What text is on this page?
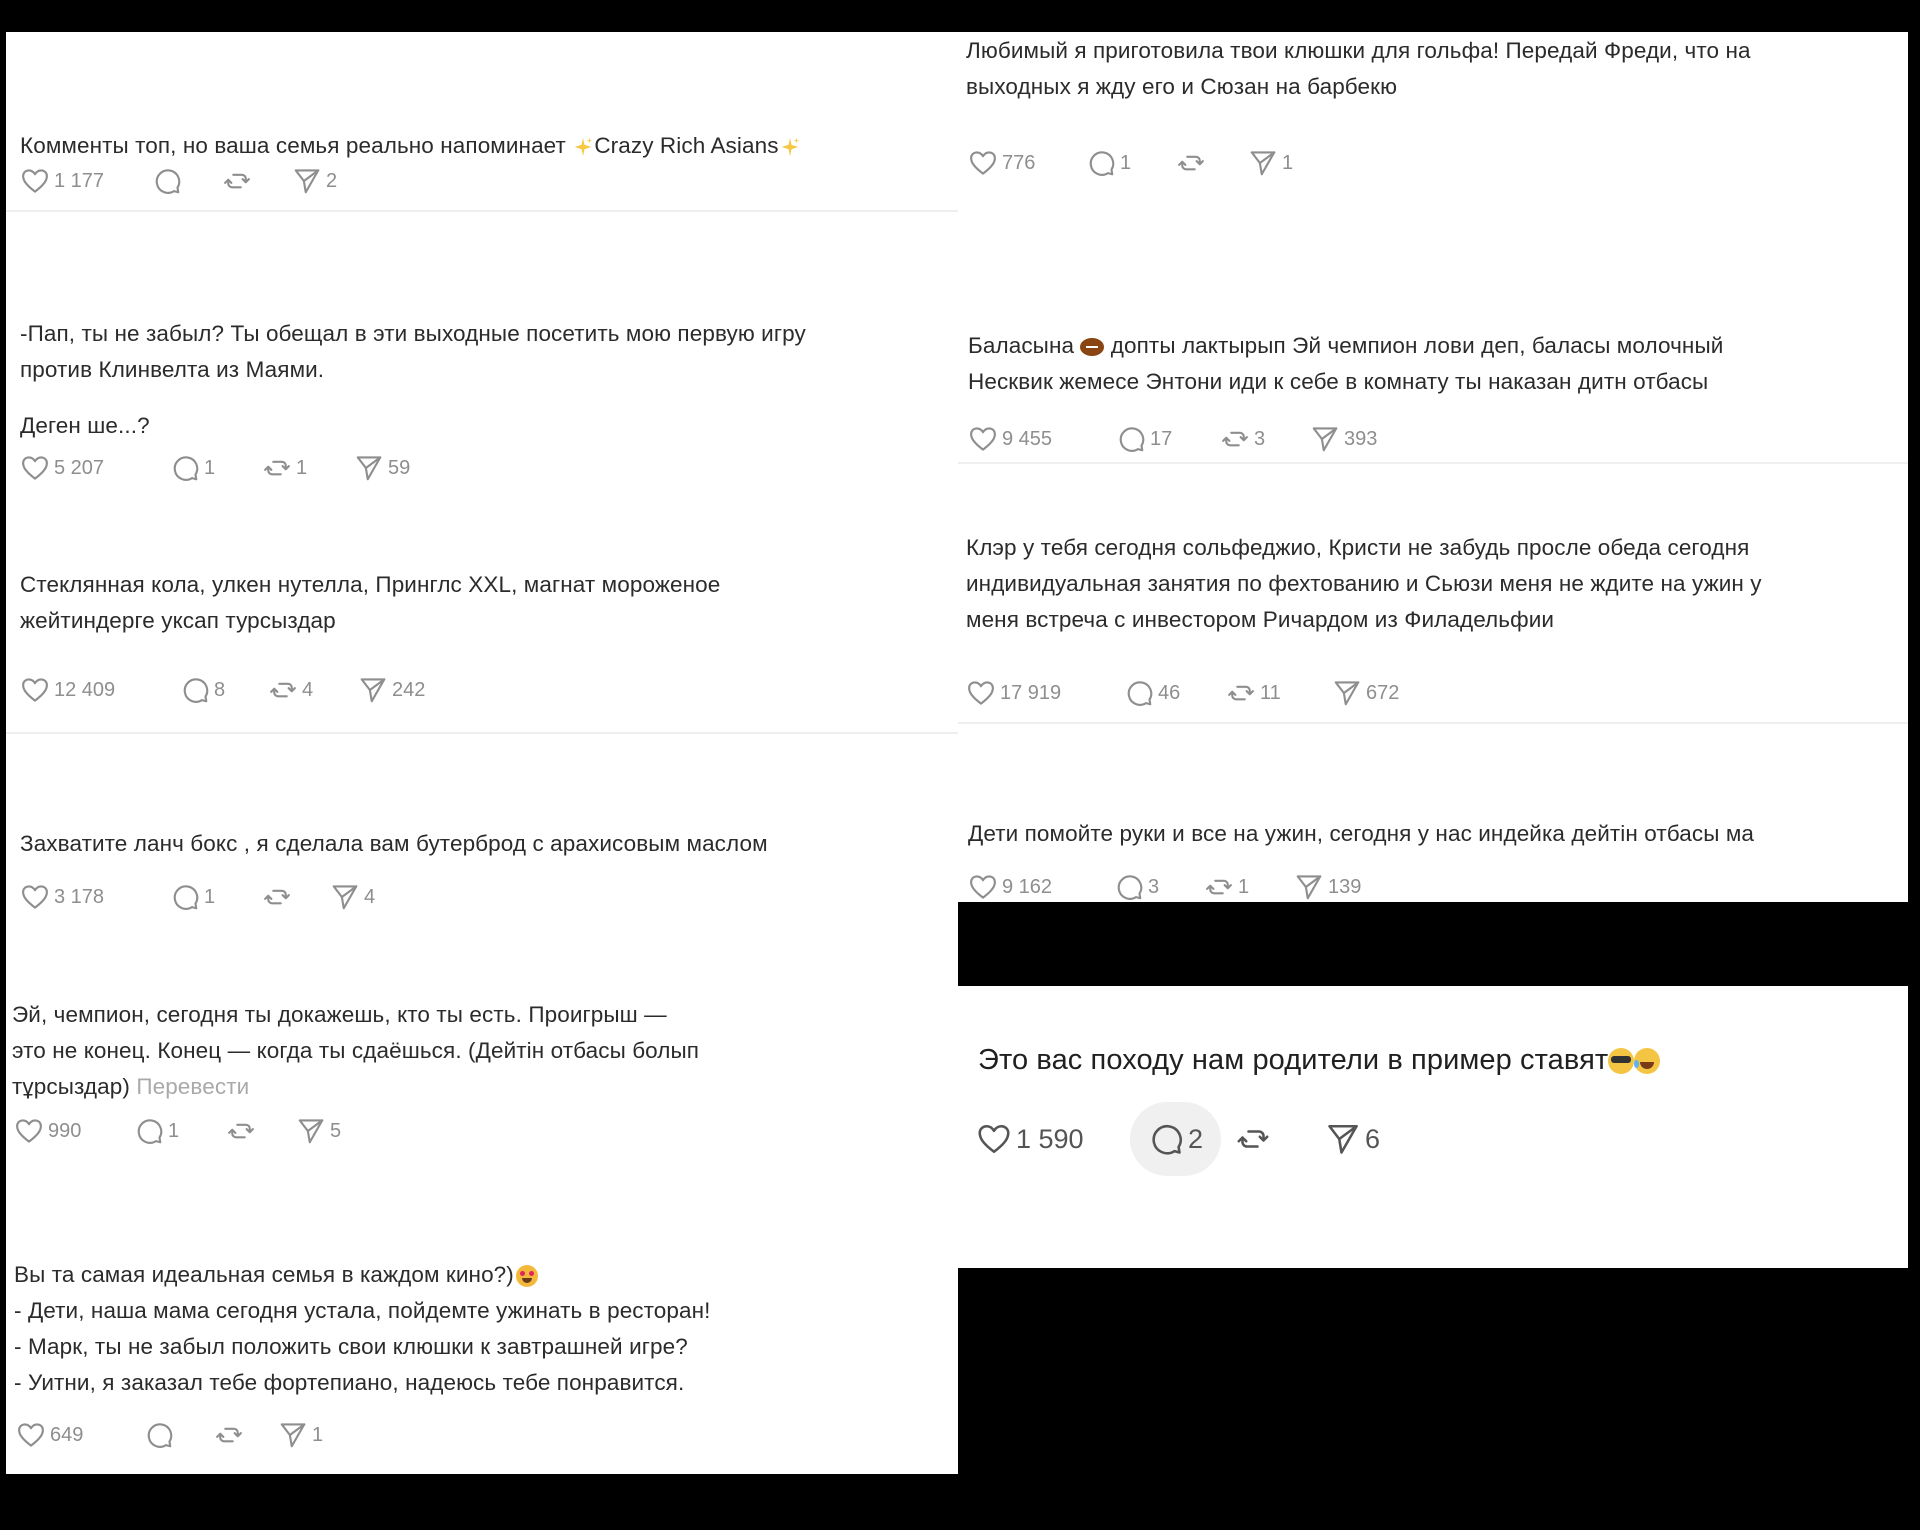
Комменты топ, но ваша семья реально напоминает Crazy Rich Asians

1 177	2
-Пап, ты не забыл? Ты обещал в эти выходные посетить мою первую игру
против Клинвелта из Маями.
Деген ше...?
5 207	1	1	59
Стеклянная кола, улкен нутелла, Принглс XXL, магнат мороженое
жейтиндерге уксап турсыздар
12 409	8	4	242
Захватите ланч бокс , я сделала вам бутерброд с арахисовым маслом
3 178	1	4
Эй, чемпион, сегодня ты докажешь, кто ты есть. Проигрыш —
это не конец. Конец — когда ты сдаёшься. (Дейтiн отбасы болып
тұрсыздар) Перевести
990	1	5
Вы та самая идеальная семья в каждом кино?)

- Дети, наша мама сегодня устала, пойдемте ужинать в ресторан!
- Марк, ты не забыл положить свои клюшки к завтрашней игре?
- Уитни, я заказал тебе фортепиано, надеюсь тебе понравится.
649	1
Любимый я приготовила твои клюшки для гольфа! Передай Фреди, что на
выходных я жду его и Сюзан на барбекю
776	1	1
Баласына
допты лактырып Эй чемпион лови деп, баласы молочный
Несквик жемесе Энтони иди к себе в комнату ты наказан дитн отбасы
9 455	17	3	393
Клэр у тебя сегодня сольфеджио, Кристи не забудь просле обеда сегодня
индивидуальная занятия по фехтованию и Сьюзи меня не ждите на ужин у
меня встреча с инвестором Ричардом из Филадельфии
17 919	46	11	672
Дети помойте руки и все на ужин, сегодня у нас индейка дейтiн отбасы ма
9 162	3	1	139
Это вас походу нам родители в пример ставят
1 590	2	6
